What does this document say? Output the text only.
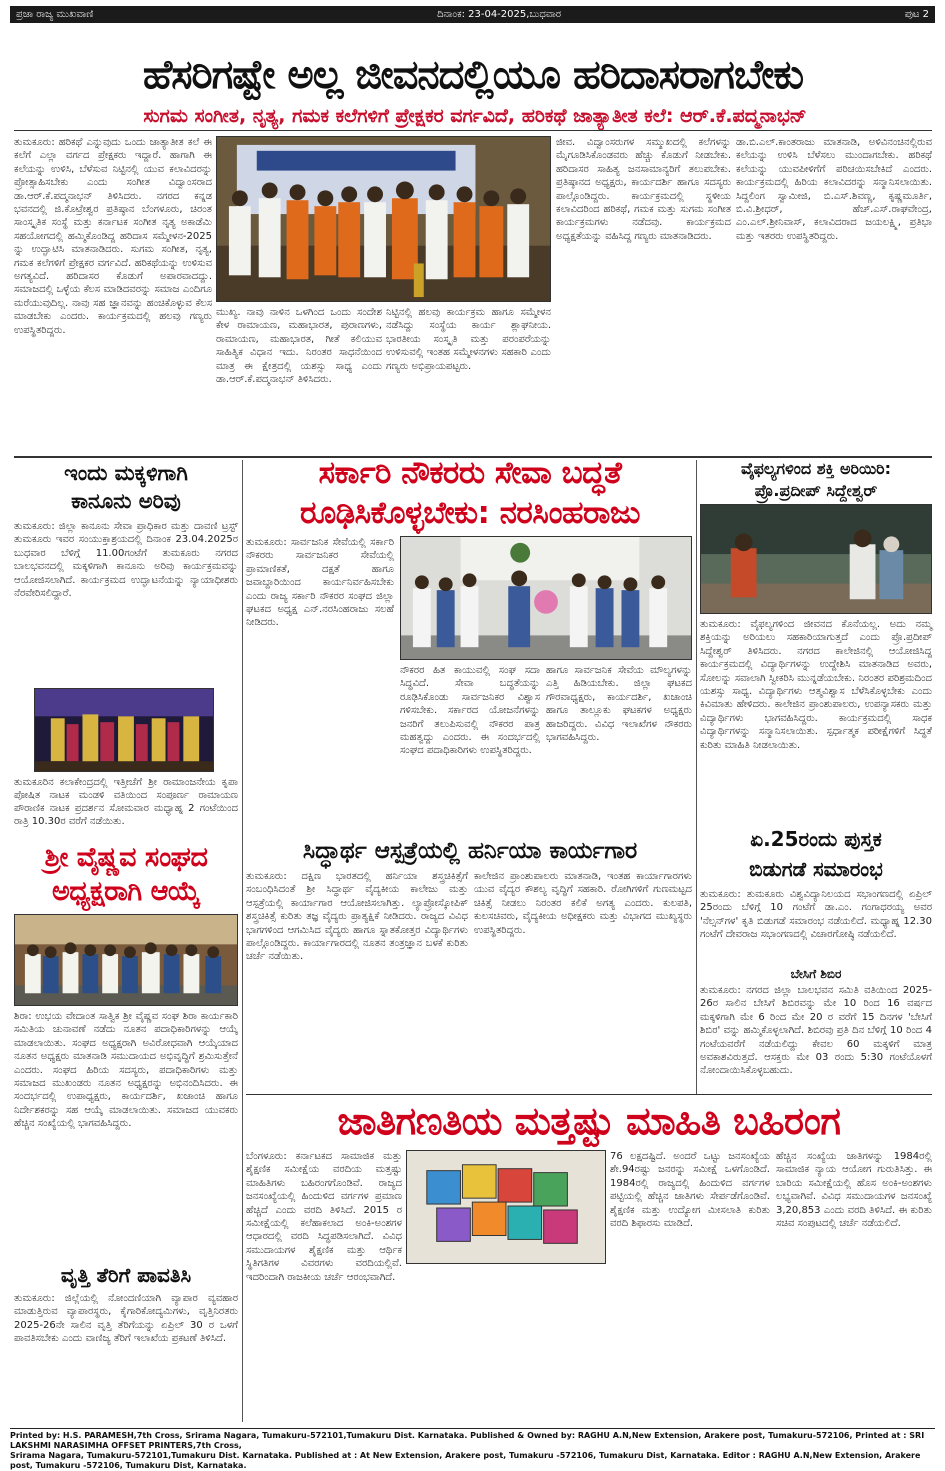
ಪ್ರಜಾ ರಾಜ್ಯ ಮುಖವಾಣಿ	ದಿನಾಂಕ: 23-04-2025,ಬುಧವಾರ	ಪುಟ 2
ಹೆಸರಿಗಷ್ಟೇ ಅಲ್ಲ ಜೀವನದಲ್ಲಿಯೂ ಹರಿದಾಸರಾಗಬೇಕು
ಸುಗಮ ಸಂಗೀತ, ನೃತ್ಯ, ಗಮಕ ಕಲೆಗಳಿಗೆ ಪ್ರೇಕ್ಷಕರ ವರ್ಗವಿದೆ, ಹರಿಕಥೆ ಜಾತ್ಯಾತೀತ ಕಲೆ: ಆರ್.ಕೆ.ಪದ್ಮನಾಭನ್

ತುಮಕೂರು: ಹರಿಕಥೆ ಎನ್ನುವುದು ಒಂದು ಜಾತ್ಯಾತೀತ ಕಲೆ ಈ ಕಲೆಗೆ ಎಲ್ಲಾ ವರ್ಗದ ಪ್ರೇಕ್ಷಕರು ಇದ್ದಾರೆ. ಹಾಗಾಗಿ ಈ ಕಲೆಯನ್ನು ಉಳಿಸಿ, ಬೆಳೆಸುವ ನಿಟ್ಟಿನಲ್ಲಿ ಯುವ ಕಲಾವಿದರನ್ನು ಪ್ರೋತ್ಸಾಹಿಸಬೇಕು ಎಂದು ಸಂಗೀತ ವಿದ್ವಾಂಸರಾದ ಡಾ.ಆರ್.ಕೆ.ಪದ್ಮನಾಭನ್ ತಿಳಿಸಿದರು. ನಗರದ ಕನ್ನಡ ಭವನದಲ್ಲಿ ಜಿ.ಕೊಟ್ರೇಶ್ವರ ಪ್ರತಿಷ್ಠಾನ ಬೆಂಗಳೂರು, ಚಿರಂತ ಸಾಂಸ್ಕೃತಿಕ ಸಂಸ್ಥೆ ಮತ್ತು ಕರ್ನಾಟಕ ಸಂಗೀತ ನೃತ್ಯ ಅಕಾಡೆಮಿ ಸಹಯೋಗದಲ್ಲಿ ಹಮ್ಮಿಕೊಂಡಿದ್ದ ಹರಿದಾಸ ಸಮ್ಮೇಳನ-2025 ನ್ನು ಉದ್ಘಾಟಿಸಿ ಮಾತನಾಡಿದರು. ಸುಗಮ ಸಂಗೀತ, ನೃತ್ಯ, ಗಮಕ ಕಲೆಗಳಿಗೆ ಪ್ರೇಕ್ಷಕರ ವರ್ಗವಿದೆ. ಹರಿಕಥೆಯನ್ನು ಉಳಿಸುವ ಅಗತ್ಯವಿದೆ. ಹರಿದಾಸರ ಕೊಡುಗೆ ಅಪಾರವಾದದ್ದು. ಸಮಾಜದಲ್ಲಿ ಒಳ್ಳೆಯ ಕೆಲಸ ಮಾಡಿದವರನ್ನು ಸಮಾಜ ಎಂದಿಗೂ ಮರೆಯುವುದಿಲ್ಲ. ನಾವು ಸಹ ಜ್ಞಾನವನ್ನು ಹಂಚಿಕೊಳ್ಳುವ ಕೆಲಸ ಮಾಡಬೇಕು ಎಂದರು. ಕಾರ್ಯಕ್ರಮದಲ್ಲಿ ಹಲವು ಗಣ್ಯರು ಉಪಸ್ಥಿತರಿದ್ದರು.

ಮುಖ್ಯ. ನಾವು ನಾಳಿನ ಒಳಗಿಂದ ಒಂದು ಸಂದೇಶ ಕೇಳ ರಾಮಾಯಣ, ಮಹಾಭಾರತ, ಪುರಾಣಗಳು, ರಾಮಾಯಣ, ಮಹಾಭಾರತ, ಗೀತೆ ಕಲಿಯುವ ಸಾಹಿತ್ಯಿಕ ವಿಧಾನ ಇದು. ನಿರಂತರ ಸಾಧನೆಯಿಂದ ಮಾತ್ರ ಈ ಕ್ಷೇತ್ರದಲ್ಲಿ ಯಶಸ್ಸು ಸಾಧ್ಯ ಎಂದು ಡಾ.ಆರ್.ಕೆ.ಪದ್ಮನಾಭನ್ ತಿಳಿಸಿದರು.

ನಿಟ್ಟಿನಲ್ಲಿ ಹಲವು ಕಾರ್ಯಕ್ರಮ ಹಾಗೂ ಸಮ್ಮೇಳನ ನಡೆಸಿದ್ದು ಸಂಸ್ಥೆಯ ಕಾರ್ಯ ಶ್ಲಾಘನೀಯ. ಭಾರತೀಯ ಸಂಸ್ಕೃತಿ ಮತ್ತು ಪರಂಪರೆಯನ್ನು ಉಳಿಸುವಲ್ಲಿ ಇಂತಹ ಸಮ್ಮೇಳನಗಳು ಸಹಕಾರಿ ಎಂದು ಗಣ್ಯರು ಅಭಿಪ್ರಾಯಪಟ್ಟರು.

ಜೀವ. ವಿದ್ವಾಂಸರುಗಳ ಸಮ್ಮುಖದಲ್ಲಿ ಕಲೆಗಳನ್ನು ಮೈಗೂಡಿಸಿಕೊಂಡವರು ಹೆಚ್ಚು ಕೊಡುಗೆ ನೀಡಬೇಕು. ಹರಿದಾಸರ ಸಾಹಿತ್ಯ ಜನಸಾಮಾನ್ಯರಿಗೆ ತಲುಪಬೇಕು. ಪ್ರತಿಷ್ಠಾನದ ಅಧ್ಯಕ್ಷರು, ಕಾರ್ಯದರ್ಶಿ ಹಾಗೂ ಸದಸ್ಯರು ಪಾಲ್ಗೊಂಡಿದ್ದರು. ಕಾರ್ಯಕ್ರಮದಲ್ಲಿ ಸ್ಥಳೀಯ ಕಲಾವಿದರಿಂದ ಹರಿಕಥೆ, ಗಮಕ ಮತ್ತು ಸುಗಮ ಸಂಗೀತ ಕಾರ್ಯಕ್ರಮಗಳು ನಡೆದವು. ಕಾರ್ಯಕ್ರಮದ ಅಧ್ಯಕ್ಷತೆಯನ್ನು ವಹಿಸಿದ್ದ ಗಣ್ಯರು ಮಾತನಾಡಿದರು.

ಡಾ.ಬಿ.ಎಲ್.ಕಾಂತರಾಜು ಮಾತನಾಡಿ, ಅಳಿವಿನಂಚಿನಲ್ಲಿರುವ ಕಲೆಯನ್ನು ಉಳಿಸಿ ಬೆಳೆಸಲು ಮುಂದಾಗಬೇಕು. ಹರಿಕಥೆ ಕಲೆಯನ್ನು ಯುವಪೀಳಿಗೆಗೆ ಪರಿಚಯಿಸಬೇಕಿದೆ ಎಂದರು. ಕಾರ್ಯಕ್ರಮದಲ್ಲಿ ಹಿರಿಯ ಕಲಾವಿದರನ್ನು ಸನ್ಮಾನಿಸಲಾಯಿತು. ಸಿದ್ದಲಿಂಗ ಸ್ವಾಮೀಜಿ, ಬಿ.ಎಸ್.ಶಿವಣ್ಣ, ಕೃಷ್ಣಮೂರ್ತಿ, ಬಿ.ವಿ.ಶ್ರೀಧರ್, ಹೆಚ್.ಎಸ್.ರಾಘವೇಂದ್ರ, ಎಂ.ಎಲ್.ಶ್ರೀನಿವಾಸ್, ಕಲಾವಿದರಾದ ಜಯಲಕ್ಷ್ಮಿ, ಪ್ರತಿಭಾ ಮತ್ತು ಇತರರು ಉಪಸ್ಥಿತರಿದ್ದರು.

ಇಂದು ಮಕ್ಕಳಿಗಾಗಿ
ಕಾನೂನು ಅರಿವು

ತುಮಕೂರು: ಜಿಲ್ಲಾ ಕಾನೂನು ಸೇವಾ ಪ್ರಾಧಿಕಾರ ಮತ್ತು ದಾವಣಿ ಟ್ರಸ್ಟ್ ತುಮಕೂರು ಇವರ ಸಂಯುಕ್ತಾಶ್ರಯದಲ್ಲಿ ದಿನಾಂಕ 23.04.2025ರ ಬುಧವಾರ ಬೆಳಿಗ್ಗೆ 11.00ಗಂಟೆಗೆ ತುಮಕೂರು ನಗರದ ಬಾಲಭವನದಲ್ಲಿ ಮಕ್ಕಳಿಗಾಗಿ ಕಾನೂನು ಅರಿವು ಕಾರ್ಯಕ್ರಮವನ್ನು ಆಯೋಜಿಸಲಾಗಿದೆ. ಕಾರ್ಯಕ್ರಮದ ಉದ್ಘಾಟನೆಯನ್ನು ನ್ಯಾಯಾಧೀಶರು ನೆರವೇರಿಸಲಿದ್ದಾರೆ.

ತುಮಕೂರಿನ ಕಲಾಕೇಂದ್ರದಲ್ಲಿ ಇತ್ತೀಚೆಗೆ ಶ್ರೀ ರಾಮಾಂಜನೇಯ ಕೃಪಾ ಪೋಷಿತ ನಾಟಕ ಮಂಡಳಿ ವತಿಯಿಂದ ಸಂಪೂರ್ಣ ರಾಮಾಯಣ ಪೌರಾಣಿಕ ನಾಟಕ ಪ್ರದರ್ಶನ ಸೋಮವಾರ ಮಧ್ಯಾಹ್ನ 2 ಗಂಟೆಯಿಂದ ರಾತ್ರಿ 10.30ರ ವರೆಗೆ ನಡೆಯಿತು.
ಶ್ರೀ ವೈಷ್ಣವ ಸಂಘದ
ಅಧ್ಯಕ್ಷರಾಗಿ ಆಯ್ಕೆ

ಶಿರಾ: ಉಭಯ ವೇದಾಂತ ಸಾತ್ವಿಕ ಶ್ರೀ ವೈಷ್ಣವ ಸಂಘ ಶಿರಾ ಕಾರ್ಯಕಾರಿ ಸಮಿತಿಯ ಚುನಾವಣೆ ನಡೆದು ನೂತನ ಪದಾಧಿಕಾರಿಗಳನ್ನು ಆಯ್ಕೆ ಮಾಡಲಾಯಿತು. ಸಂಘದ ಅಧ್ಯಕ್ಷರಾಗಿ ಅವಿರೋಧವಾಗಿ ಆಯ್ಕೆಯಾದ ನೂತನ ಅಧ್ಯಕ್ಷರು ಮಾತನಾಡಿ ಸಮುದಾಯದ ಅಭಿವೃದ್ಧಿಗೆ ಶ್ರಮಿಸುತ್ತೇನೆ ಎಂದರು. ಸಂಘದ ಹಿರಿಯ ಸದಸ್ಯರು, ಪದಾಧಿಕಾರಿಗಳು ಮತ್ತು ಸಮಾಜದ ಮುಖಂಡರು ನೂತನ ಅಧ್ಯಕ್ಷರನ್ನು ಅಭಿನಂದಿಸಿದರು. ಈ ಸಂದರ್ಭದಲ್ಲಿ ಉಪಾಧ್ಯಕ್ಷರು, ಕಾರ್ಯದರ್ಶಿ, ಖಜಾಂಚಿ ಹಾಗೂ ನಿರ್ದೇಶಕರನ್ನು ಸಹ ಆಯ್ಕೆ ಮಾಡಲಾಯಿತು. ಸಮಾಜದ ಯುವಕರು ಹೆಚ್ಚಿನ ಸಂಖ್ಯೆಯಲ್ಲಿ ಭಾಗವಹಿಸಿದ್ದರು.

ವೃತ್ತಿ ತೆರಿಗೆ ಪಾವತಿಸಿ

ತುಮಕೂರು: ಜಿಲ್ಲೆಯಲ್ಲಿ ನೋಂದಣಿಯಾಗಿ ವ್ಯಾಪಾರ ವ್ಯವಹಾರ ಮಾಡುತ್ತಿರುವ ವ್ಯಾಪಾರಸ್ಥರು, ಕೈಗಾರಿಕೋದ್ಯಮಿಗಳು, ವೃತ್ತಿನಿರತರು 2025-26ನೇ ಸಾಲಿನ ವೃತ್ತಿ ತೆರಿಗೆಯನ್ನು ಏಪ್ರಿಲ್ 30 ರ ಒಳಗೆ ಪಾವತಿಸಬೇಕು ಎಂದು ವಾಣಿಜ್ಯ ತೆರಿಗೆ ಇಲಾಖೆಯ ಪ್ರಕಟಣೆ ತಿಳಿಸಿದೆ.

ಸರ್ಕಾರಿ ನೌಕರರು ಸೇವಾ ಬದ್ಧತೆ
ರೂಢಿಸಿಕೊಳ್ಳಬೇಕು: ನರಸಿಂಹರಾಜು

ತುಮಕೂರು: ಸಾರ್ವಜನಿಕ ಸೇವೆಯಲ್ಲಿ ಸರ್ಕಾರಿ ನೌಕರರು ಸಾರ್ವಜನಿಕರ ಸೇವೆಯಲ್ಲಿ ಪ್ರಾಮಾಣಿಕತೆ, ದಕ್ಷತೆ ಹಾಗೂ ಜವಾಬ್ದಾರಿಯಿಂದ ಕಾರ್ಯನಿರ್ವಹಿಸಬೇಕು ಎಂದು ರಾಜ್ಯ ಸರ್ಕಾರಿ ನೌಕರರ ಸಂಘದ ಜಿಲ್ಲಾ ಘಟಕದ ಅಧ್ಯಕ್ಷ ಎನ್.ನರಸಿಂಹರಾಜು ಸಲಹೆ ನೀಡಿದರು.

ನೌಕರರ ಹಿತ ಕಾಯುವಲ್ಲಿ ಸಂಘ ಸದಾ ಸಿದ್ಧವಿದೆ. ಸೇವಾ ಬದ್ಧತೆಯನ್ನು ರೂಢಿಸಿಕೊಂಡು ಸಾರ್ವಜನಿಕರ ವಿಶ್ವಾಸ ಗಳಿಸಬೇಕು. ಸರ್ಕಾರದ ಯೋಜನೆಗಳನ್ನು ಜನರಿಗೆ ತಲುಪಿಸುವಲ್ಲಿ ನೌಕರರ ಪಾತ್ರ ಮಹತ್ವದ್ದು ಎಂದರು. ಈ ಸಂದರ್ಭದಲ್ಲಿ ಸಂಘದ ಪದಾಧಿಕಾರಿಗಳು ಉಪಸ್ಥಿತರಿದ್ದರು.

ಹಾಗೂ ಸಾರ್ವಜನಿಕ ಸೇವೆಯ ಮೌಲ್ಯಗಳನ್ನು ಎತ್ತಿ ಹಿಡಿಯಬೇಕು. ಜಿಲ್ಲಾ ಘಟಕದ ಗೌರವಾಧ್ಯಕ್ಷರು, ಕಾರ್ಯದರ್ಶಿ, ಖಜಾಂಚಿ ಹಾಗೂ ತಾಲ್ಲೂಕು ಘಟಕಗಳ ಅಧ್ಯಕ್ಷರು ಹಾಜರಿದ್ದರು. ವಿವಿಧ ಇಲಾಖೆಗಳ ನೌಕರರು ಭಾಗವಹಿಸಿದ್ದರು.

ಸಿದ್ಧಾರ್ಥ ಆಸ್ಪತ್ರೆಯಲ್ಲಿ ಹರ್ನಿಯಾ ಕಾರ್ಯಗಾರ

ತುಮಕೂರು: ದಕ್ಷಿಣ ಭಾರತದಲ್ಲಿ ಹರ್ನಿಯಾ ಶಸ್ತ್ರಚಿಕಿತ್ಸೆಗೆ ಸಂಬಂಧಿಸಿದಂತೆ ಶ್ರೀ ಸಿದ್ಧಾರ್ಥ ವೈದ್ಯಕೀಯ ಕಾಲೇಜು ಮತ್ತು ಆಸ್ಪತ್ರೆಯಲ್ಲಿ ಕಾರ್ಯಾಗಾರ ಆಯೋಜಿಸಲಾಗಿತ್ತು. ಲ್ಯಾಪ್ರೋಸ್ಕೋಪಿಕ್ ಶಸ್ತ್ರಚಿಕಿತ್ಸೆ ಕುರಿತು ತಜ್ಞ ವೈದ್ಯರು ಪ್ರಾತ್ಯಕ್ಷಿಕೆ ನೀಡಿದರು. ರಾಜ್ಯದ ವಿವಿಧ ಭಾಗಗಳಿಂದ ಆಗಮಿಸಿದ ವೈದ್ಯರು ಹಾಗೂ ಸ್ನಾತಕೋತ್ತರ ವಿದ್ಯಾರ್ಥಿಗಳು ಪಾಲ್ಗೊಂಡಿದ್ದರು. ಕಾರ್ಯಾಗಾರದಲ್ಲಿ ನೂತನ ತಂತ್ರಜ್ಞಾನ ಬಳಕೆ ಕುರಿತು ಚರ್ಚೆ ನಡೆಯಿತು.

ಕಾಲೇಜಿನ ಪ್ರಾಂಶುಪಾಲರು ಮಾತನಾಡಿ, ಇಂತಹ ಕಾರ್ಯಾಗಾರಗಳು ಯುವ ವೈದ್ಯರ ಕೌಶಲ್ಯ ವೃದ್ಧಿಗೆ ಸಹಕಾರಿ. ರೋಗಿಗಳಿಗೆ ಗುಣಮಟ್ಟದ ಚಿಕಿತ್ಸೆ ನೀಡಲು ನಿರಂತರ ಕಲಿಕೆ ಅಗತ್ಯ ಎಂದರು. ಕುಲಪತಿ, ಕುಲಸಚಿವರು, ವೈದ್ಯಕೀಯ ಅಧೀಕ್ಷಕರು ಮತ್ತು ವಿಭಾಗದ ಮುಖ್ಯಸ್ಥರು ಉಪಸ್ಥಿತರಿದ್ದರು.

ವೈಫಲ್ಯಗಳಿಂದ ಶಕ್ತಿ ಅರಿಯಿರಿ:
ಪ್ರೊ.ಪ್ರದೀಪ್ ಸಿದ್ದೇಶ್ವರ್

ತುಮಕೂರು: ವೈಫಲ್ಯಗಳಿಂದ ಜೀವನದ ಕೊನೆಯಲ್ಲ. ಅದು ನಮ್ಮ ಶಕ್ತಿಯನ್ನು ಅರಿಯಲು ಸಹಕಾರಿಯಾಗುತ್ತದೆ ಎಂದು ಪ್ರೊ.ಪ್ರದೀಪ್ ಸಿದ್ದೇಶ್ವರ್ ತಿಳಿಸಿದರು. ನಗರದ ಕಾಲೇಜಿನಲ್ಲಿ ಆಯೋಜಿಸಿದ್ದ ಕಾರ್ಯಕ್ರಮದಲ್ಲಿ ವಿದ್ಯಾರ್ಥಿಗಳನ್ನು ಉದ್ದೇಶಿಸಿ ಮಾತನಾಡಿದ ಅವರು, ಸೋಲನ್ನು ಸವಾಲಾಗಿ ಸ್ವೀಕರಿಸಿ ಮುನ್ನಡೆಯಬೇಕು. ನಿರಂತರ ಪರಿಶ್ರಮದಿಂದ ಯಶಸ್ಸು ಸಾಧ್ಯ. ವಿದ್ಯಾರ್ಥಿಗಳು ಆತ್ಮವಿಶ್ವಾಸ ಬೆಳೆಸಿಕೊಳ್ಳಬೇಕು ಎಂದು ಕಿವಿಮಾತು ಹೇಳಿದರು. ಕಾಲೇಜಿನ ಪ್ರಾಂಶುಪಾಲರು, ಉಪನ್ಯಾಸಕರು ಮತ್ತು ವಿದ್ಯಾರ್ಥಿಗಳು ಭಾಗವಹಿಸಿದ್ದರು. ಕಾರ್ಯಕ್ರಮದಲ್ಲಿ ಸಾಧಕ ವಿದ್ಯಾರ್ಥಿಗಳನ್ನು ಸನ್ಮಾನಿಸಲಾಯಿತು. ಸ್ಪರ್ಧಾತ್ಮಕ ಪರೀಕ್ಷೆಗಳಿಗೆ ಸಿದ್ಧತೆ ಕುರಿತು ಮಾಹಿತಿ ನೀಡಲಾಯಿತು.

ಏ.25ರಂದು ಪುಸ್ತಕ
ಬಿಡುಗಡೆ ಸಮಾರಂಭ

ತುಮಕೂರು: ತುಮಕೂರು ವಿಶ್ವವಿದ್ಯಾನಿಲಯದ ಸಭಾಂಗಣದಲ್ಲಿ ಏಪ್ರಿಲ್ 25ರಂದು ಬೆಳಿಗ್ಗೆ 10 ಗಂಟೆಗೆ ಡಾ.ಎಂ. ಗಂಗಾಧರಯ್ಯ ಅವರ 'ನೆಲ್ಸನ್‌ಗಳ' ಕೃತಿ ಬಿಡುಗಡೆ ಸಮಾರಂಭ ನಡೆಯಲಿದೆ. ಮಧ್ಯಾಹ್ನ 12.30 ಗಂಟೆಗೆ ದೇವರಾಜ ಸಭಾಂಗಣದಲ್ಲಿ ವಿಚಾರಗೋಷ್ಠಿ ನಡೆಯಲಿದೆ.

ಬೇಸಿಗೆ ಶಿಬಿರ

ತುಮಕೂರು: ನಗರದ ಜಿಲ್ಲಾ ಬಾಲಭವನ ಸಮಿತಿ ವತಿಯಿಂದ 2025-26ರ ಸಾಲಿನ ಬೇಸಿಗೆ ಶಿಬಿರವನ್ನು ಮೇ 10 ರಿಂದ 16 ವರ್ಷದ ಮಕ್ಕಳಿಗಾಗಿ ಮೇ 6 ರಿಂದ ಮೇ 20 ರ ವರೆಗೆ 15 ದಿನಗಳ 'ಬೇಸಿಗೆ ಶಿಬಿರ' ವನ್ನು ಹಮ್ಮಿಕೊಳ್ಳಲಾಗಿದೆ. ಶಿಬಿರವು ಪ್ರತಿ ದಿನ ಬೆಳಿಗ್ಗೆ 10 ರಿಂದ 4 ಗಂಟೆಯವರೆಗೆ ನಡೆಯಲಿದ್ದು ಕೇವಲ 60 ಮಕ್ಕಳಿಗೆ ಮಾತ್ರ ಅವಕಾಶವಿರುತ್ತದೆ. ಆಸಕ್ತರು ಮೇ 03 ರಂದು 5:30 ಗಂಟೆಯೊಳಗೆ ನೋಂದಾಯಿಸಿಕೊಳ್ಳಬಹುದು.

ಜಾತಿಗಣತಿಯ ಮತ್ತಷ್ಟು ಮಾಹಿತಿ ಬಹಿರಂಗ

ಬೆಂಗಳೂರು: ಕರ್ನಾಟಕದ ಸಾಮಾಜಿಕ ಮತ್ತು ಶೈಕ್ಷಣಿಕ ಸಮೀಕ್ಷೆಯ ವರದಿಯ ಮತ್ತಷ್ಟು ಮಾಹಿತಿಗಳು ಬಹಿರಂಗಗೊಂಡಿವೆ. ರಾಜ್ಯದ ಜನಸಂಖ್ಯೆಯಲ್ಲಿ ಹಿಂದುಳಿದ ವರ್ಗಗಳ ಪ್ರಮಾಣ ಹೆಚ್ಚಿದೆ ಎಂದು ವರದಿ ತಿಳಿಸಿದೆ. 2015 ರ ಸಮೀಕ್ಷೆಯಲ್ಲಿ ಕಲೆಹಾಕಲಾದ ಅಂಕಿ-ಅಂಶಗಳ ಆಧಾರದಲ್ಲಿ ವರದಿ ಸಿದ್ಧಪಡಿಸಲಾಗಿದೆ. ವಿವಿಧ ಸಮುದಾಯಗಳ ಶೈಕ್ಷಣಿಕ ಮತ್ತು ಆರ್ಥಿಕ ಸ್ಥಿತಿಗತಿಗಳ ವಿವರಗಳು ವರದಿಯಲ್ಲಿವೆ. ಇದರಿಂದಾಗಿ ರಾಜಕೀಯ ಚರ್ಚೆ ಆರಂಭವಾಗಿದೆ.

76 ಲಕ್ಷದಷ್ಟಿದೆ. ಅಂದರೆ ಒಟ್ಟು ಜನಸಂಖ್ಯೆಯ ಶೇ.94ರಷ್ಟು ಜನರನ್ನು ಸಮೀಕ್ಷೆ ಒಳಗೊಂಡಿದೆ. 1984ರಲ್ಲಿ ರಾಜ್ಯದಲ್ಲಿ ಹಿಂದುಳಿದ ವರ್ಗಗಳ ಪಟ್ಟಿಯಲ್ಲಿ ಹೆಚ್ಚಿನ ಜಾತಿಗಳು ಸೇರ್ಪಡೆಗೊಂಡಿವೆ. ಶೈಕ್ಷಣಿಕ ಮತ್ತು ಉದ್ಯೋಗ ಮೀಸಲಾತಿ ಕುರಿತು ವರದಿ ಶಿಫಾರಸು ಮಾಡಿದೆ.

ಹೆಚ್ಚಿನ ಸಂಖ್ಯೆಯ ಜಾತಿಗಳನ್ನು 1984ರಲ್ಲಿ ಸಾಮಾಜಿಕ ನ್ಯಾಯ ಆಯೋಗ ಗುರುತಿಸಿತ್ತು. ಈ ಬಾರಿಯ ಸಮೀಕ್ಷೆಯಲ್ಲಿ ಹೊಸ ಅಂಕಿ-ಅಂಶಗಳು ಲಭ್ಯವಾಗಿವೆ. ವಿವಿಧ ಸಮುದಾಯಗಳ ಜನಸಂಖ್ಯೆ 3,20,853 ಎಂದು ವರದಿ ತಿಳಿಸಿದೆ. ಈ ಕುರಿತು ಸಚಿವ ಸಂಪುಟದಲ್ಲಿ ಚರ್ಚೆ ನಡೆಯಲಿದೆ.

Printed by: H.S. PARAMESH,7th Cross, Srirama Nagara, Tumakuru-572101,Tumakuru Dist. Karnataka. Published & Owned by: RAGHU A.N,New Extension, Arakere post, Tumakuru-572106, Printed at : SRI LAKSHMI NARASIMHA OFFSET PRINTERS,7th Cross,
Srirama Nagara, Tumakuru-572101,Tumakuru Dist. Karnataka. Published at : At New Extension, Arakere post, Tumakuru -572106, Tumakuru Dist, Karnataka. Editor : RAGHU A.N,New Extension, Arakere post, Tumakuru -572106, Tumakuru Dist, Karnataka.
